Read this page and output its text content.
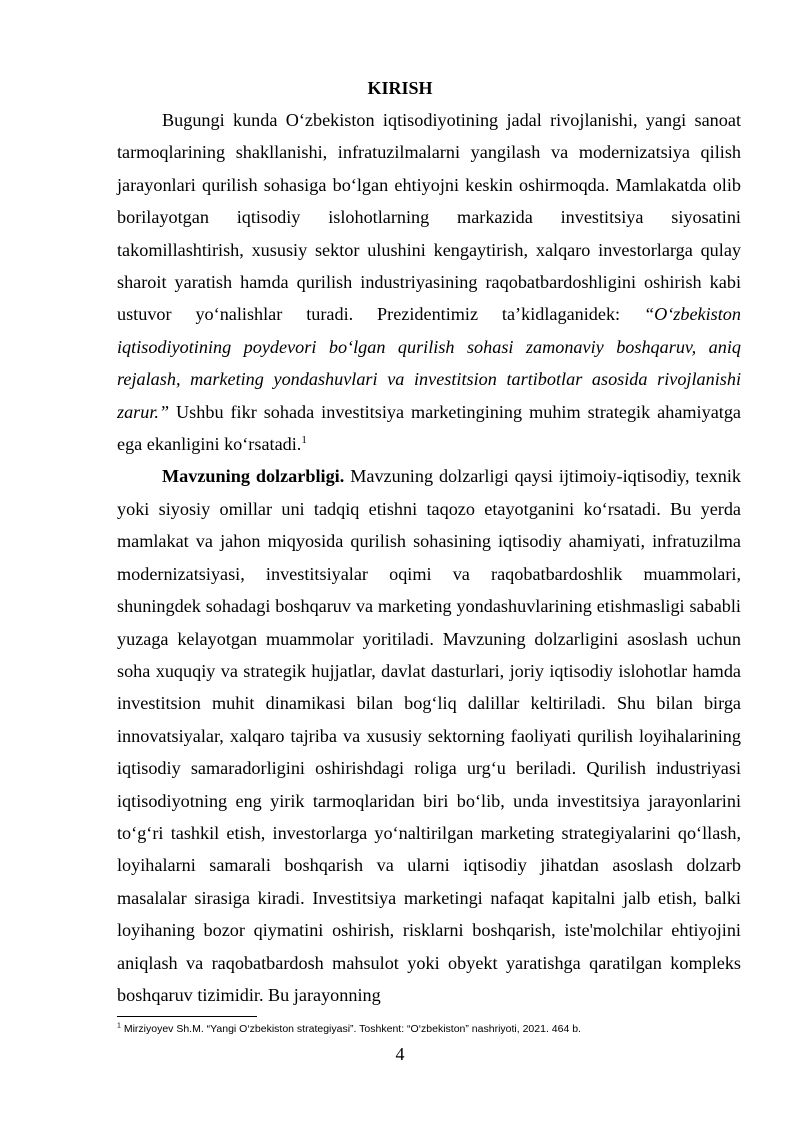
KIRISH

Bugungi kunda O‘zbekiston iqtisodiyotining jadal rivojlanishi, yangi sanoat tarmoqlarining shakllanishi, infratuzilmalarni yangilash va modernizatsiya qilish jarayonlari qurilish sohasiga bo‘lgan ehtiyojni keskin oshirmoqda. Mamlakatda olib borilayotgan iqtisodiy islohotlarning markazida investitsiya siyosatini takomillashtirish, xususiy sektor ulushini kengaytirish, xalqaro investorlarga qulay sharoit yaratish hamda qurilish industriyasining raqobatbardoshligini oshirish kabi ustuvor yo‘nalishlar turadi. Prezidentimiz ta’kidlaganidek: “O‘zbekiston iqtisodiyotining poydevori bo‘lgan qurilish sohasi zamonaviy boshqaruv, aniq rejalash, marketing yondashuvlari va investitsion tartibotlar asosida rivojlanishi zarur.” Ushbu fikr sohada investitsiya marketingining muhim strategik ahamiyatga ega ekanligini ko‘rsatadi.$^1$

Mavzuning dolzarbligi. Mavzuning dolzarligi qaysi ijtimoiy-iqtisodiy, texnik yoki siyosiy omillar uni tadqiq etishni taqozo etayotganini ko‘rsatadi. Bu yerda mamlakat va jahon miqyosida qurilish sohasining iqtisodiy ahamiyati, infratuzilma modernizatsiyasi, investitsiyalar oqimi va raqobatbardoshlik muammolari, shuningdek sohadagi boshqaruv va marketing yondashuvlarining etishmasligi sababli yuzaga kelayotgan muammolar yoritiladi. Mavzuning dolzarligini asoslash uchun soha xuquqiy va strategik hujjatlar, davlat dasturlari, joriy iqtisodiy islohotlar hamda investitsion muhit dinamikasi bilan bog‘liq dalillar keltiriladi. Shu bilan birga innovatsiyalar, xalqaro tajriba va xususiy sektorning faoliyati qurilish loyihalarining iqtisodiy samaradorligini oshirishdagi roliga urg‘u beriladi. Qurilish industriyasi iqtisodiyotning eng yirik tarmoqlaridan biri bo‘lib, unda investitsiya jarayonlarini to‘g‘ri tashkil etish, investorlarga yo‘naltirilgan marketing strategiyalarini qo‘llash, loyihalarni samarali boshqarish va ularni iqtisodiy jihatdan asoslash dolzarb masalalar sirasiga kiradi. Investitsiya marketingi nafaqat kapitalni jalb etish, balki loyihaning bozor qiymatini oshirish, risklarni boshqarish, iste'molchilar ehtiyojini aniqlash va raqobatbardosh mahsulot yoki obyekt yaratishga qaratilgan kompleks boshqaruv tizimidir. Bu jarayonning

$^1$ Mirziyoyev Sh.M. “Yangi O‘zbekiston strategiyasi”. Toshkent: “O‘zbekiston” nashriyoti, 2021. 464 b.
4
